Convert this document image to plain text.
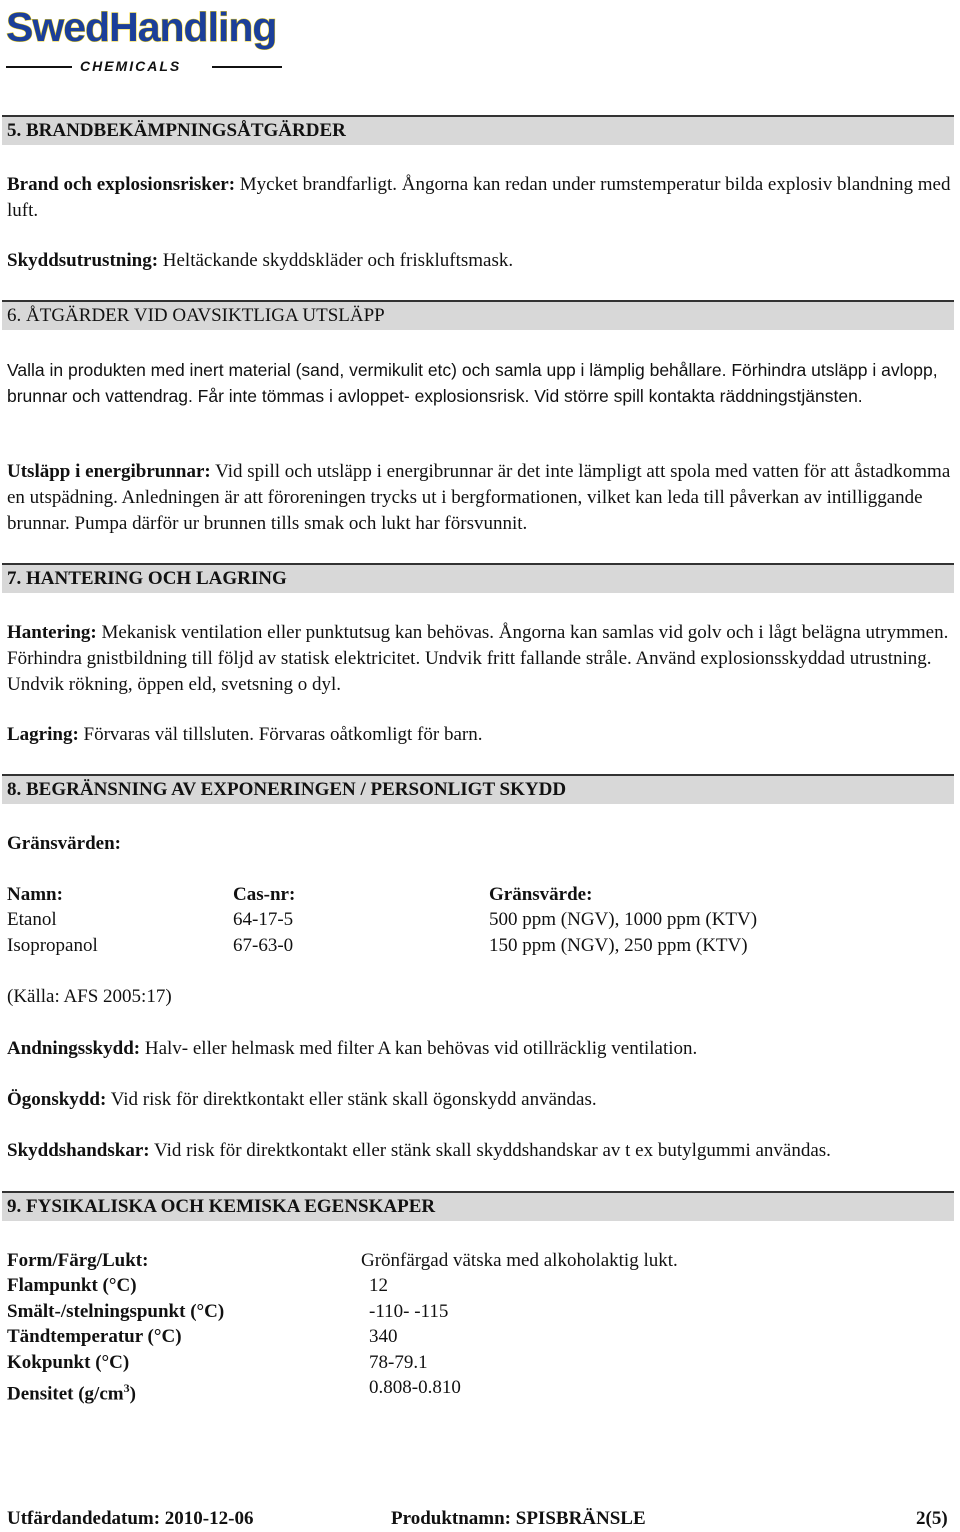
SwedHandling
CHEMICALS
5. BRANDBEKÄMPNINGSÅTGÄRDER

Brand och explosionsrisker: Mycket brandfarligt. Ångorna kan redan under rumstemperatur bilda explosiv blandning med luft.

Skyddsutrustning: Heltäckande skyddskläder och friskluftsmask.

6. ÅTGÄRDER VID OAVSIKTLIGA UTSLÄPP

Valla in produkten med inert material (sand, vermikulit etc) och samla upp i lämplig behållare. Förhindra utsläpp i avlopp, brunnar och vattendrag. Får inte tömmas i avloppet- explosionsrisk. Vid större spill kontakta räddningstjänsten.

Utsläpp i energibrunnar: Vid spill och utsläpp i energibrunnar är det inte lämpligt att spola med vatten för att åstadkomma en utspädning. Anledningen är att föroreningen trycks ut i bergformationen, vilket kan leda till påverkan av intilliggande brunnar. Pumpa därför ur brunnen tills smak och lukt har försvunnit.

7. HANTERING OCH LAGRING

Hantering: Mekanisk ventilation eller punktutsug kan behövas. Ångorna kan samlas vid golv och i lågt belägna utrymmen. Förhindra gnistbildning till följd av statisk elektricitet. Undvik fritt fallande stråle. Använd explosionsskyddad utrustning. Undvik rökning, öppen eld, svetsning o dyl.

Lagring: Förvaras väl tillsluten. Förvaras oåtkomligt för barn.

8. BEGRÄNSNING AV EXPONERINGEN / PERSONLIGT SKYDD

Gränsvärden:

Namn:	Cas-nr:	Gränsvärde:
Etanol	64-17-5	500 ppm (NGV), 1000 ppm (KTV)
Isopropanol	67-63-0	150 ppm (NGV), 250 ppm (KTV)

(Källa: AFS 2005:17)

Andningsskydd: Halv- eller helmask med filter A kan behövas vid otillräcklig ventilation.

Ögonskydd: Vid risk för direktkontakt eller stänk skall ögonskydd användas.

Skyddshandskar: Vid risk för direktkontakt eller stänk skall skyddshandskar av t ex butylgummi användas.

9. FYSIKALISKA OCH KEMISKA EGENSKAPER
Form/Färg/Lukt:	Grönfärgad vätska med alkoholaktig lukt.
Flampunkt (°C)	12
Smält-/stelningspunkt (°C)	-110- -115
Tändtemperatur (°C)	340
Kokpunkt (°C)	78-79.1
Densitet $(g/cm^3)$	0.808-0.810
Utfärdandedatum: 2010-12-06	Produktnamn: SPISBRÄNSLE	2(5)
